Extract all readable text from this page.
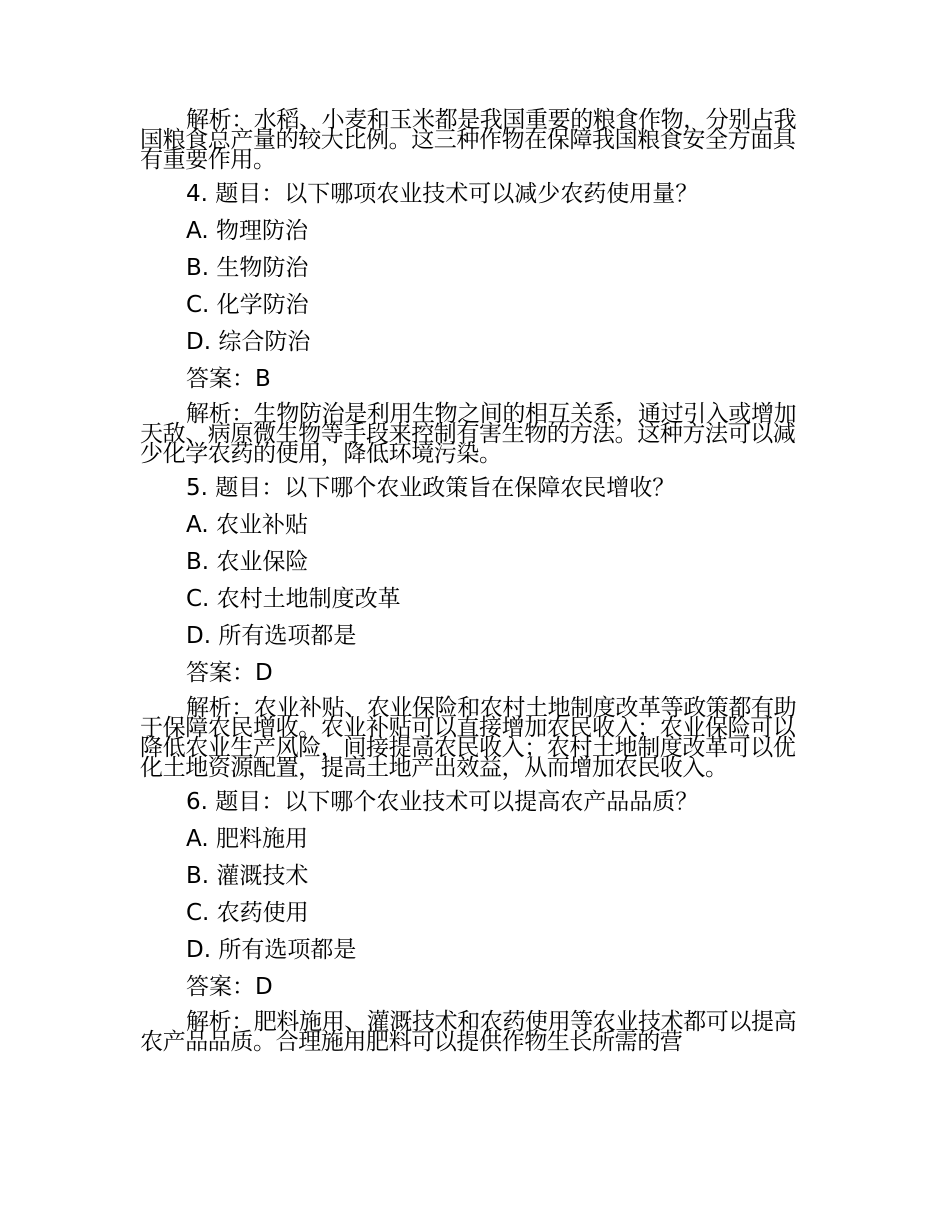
解析：水稻、小麦和玉米都是我国重要的粮食作物，分别占我国粮食总产量的较大比例。这三种作物在保障我国粮食安全方面具有重要作用。

4. 题目：以下哪项农业技术可以减少农药使用量？

A. 物理防治

B. 生物防治

C. 化学防治

D. 综合防治

答案：B

解析：生物防治是利用生物之间的相互关系，通过引入或增加天敌、病原微生物等手段来控制有害生物的方法。这种方法可以减少化学农药的使用，降低环境污染。

5. 题目：以下哪个农业政策旨在保障农民增收？

A. 农业补贴

B. 农业保险

C. 农村土地制度改革

D. 所有选项都是

答案：D

解析：农业补贴、农业保险和农村土地制度改革等政策都有助于保障农民增收。农业补贴可以直接增加农民收入；农业保险可以降低农业生产风险，间接提高农民收入；农村土地制度改革可以优化土地资源配置，提高土地产出效益，从而增加农民收入。

6. 题目：以下哪个农业技术可以提高农产品品质？

A. 肥料施用

B. 灌溉技术

C. 农药使用

D. 所有选项都是

答案：D

解析：肥料施用、灌溉技术和农药使用等农业技术都可以提高农产品品质。合理施用肥料可以提供作物生长所需的营
